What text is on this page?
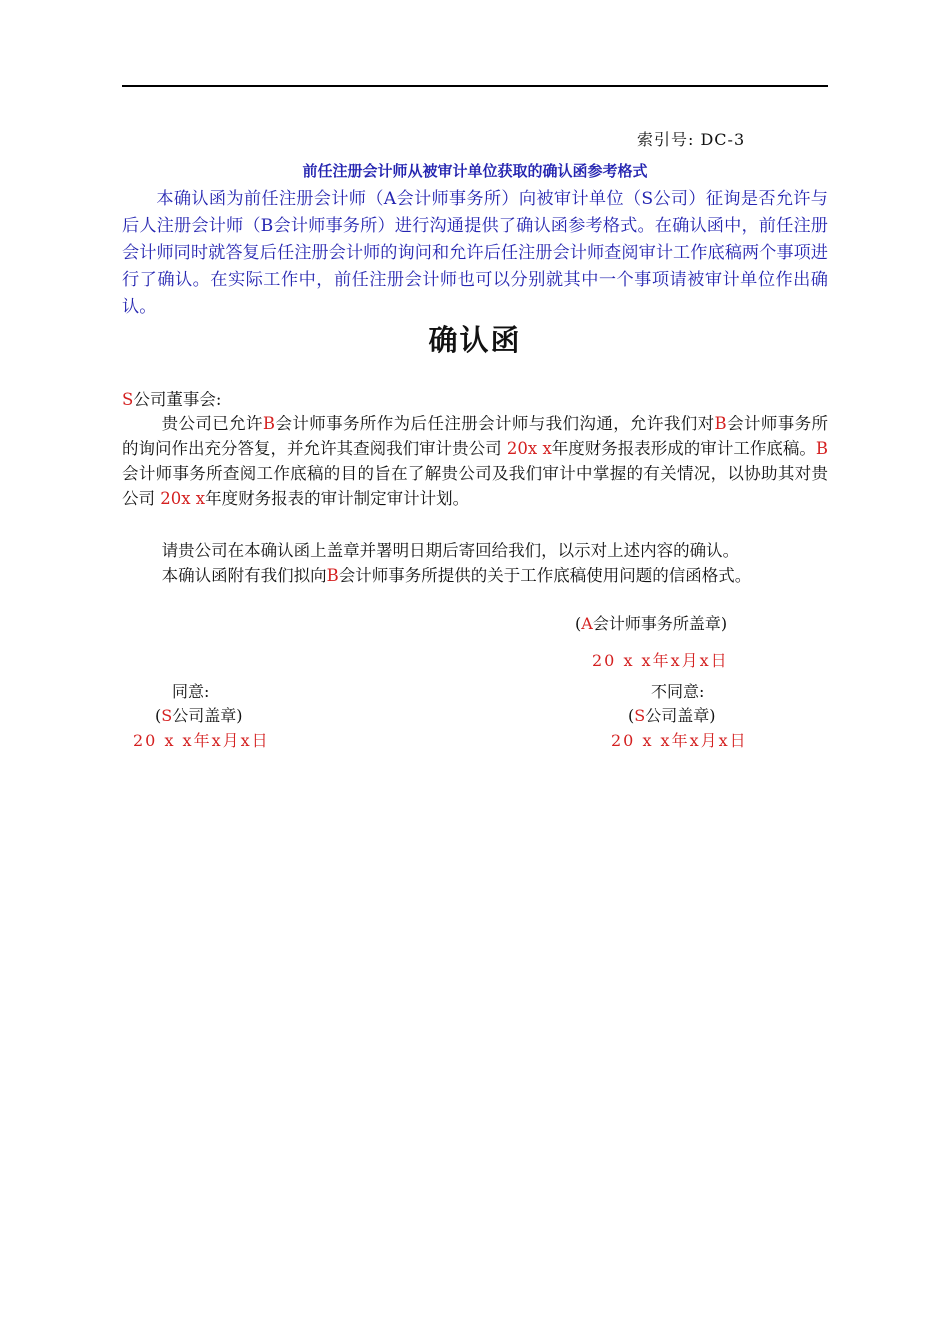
索引号: DC-3
前任注册会计师从被审计单位获取的确认函参考格式

本确认函为前任注册会计师（A会计师事务所）向被审计单位（S公司）征询是否允许与后人注册会计师（B会计师事务所）进行沟通提供了确认函参考格式。在确认函中，前任注册会计师同时就答复后任注册会计师的询问和允许后任注册会计师查阅审计工作底稿两个事项进行了确认。在实际工作中，前任注册会计师也可以分别就其中一个事项请被审计单位作出确认。

确认函
S公司董事会:

贵公司已允许B会计师事务所作为后任注册会计师与我们沟通，允许我们对B会计师事务所的询问作出充分答复，并允许其查阅我们审计贵公司 20x x年度财务报表形成的审计工作底稿。B会计师事务所查阅工作底稿的目的旨在了解贵公司及我们审计中掌握的有关情况，以协助其对贵公司 20x x年度财务报表的审计制定审计计划。

请贵公司在本确认函上盖章并署明日期后寄回给我们，以示对上述内容的确认。

本确认函附有我们拟向B会计师事务所提供的关于工作底稿使用问题的信函格式。

(A会计师事务所盖章)
20 x x年x月x日
同意:
(S公司盖章)
20 x x年x月x日
不同意:
(S公司盖章)
20 x x年x月x日
